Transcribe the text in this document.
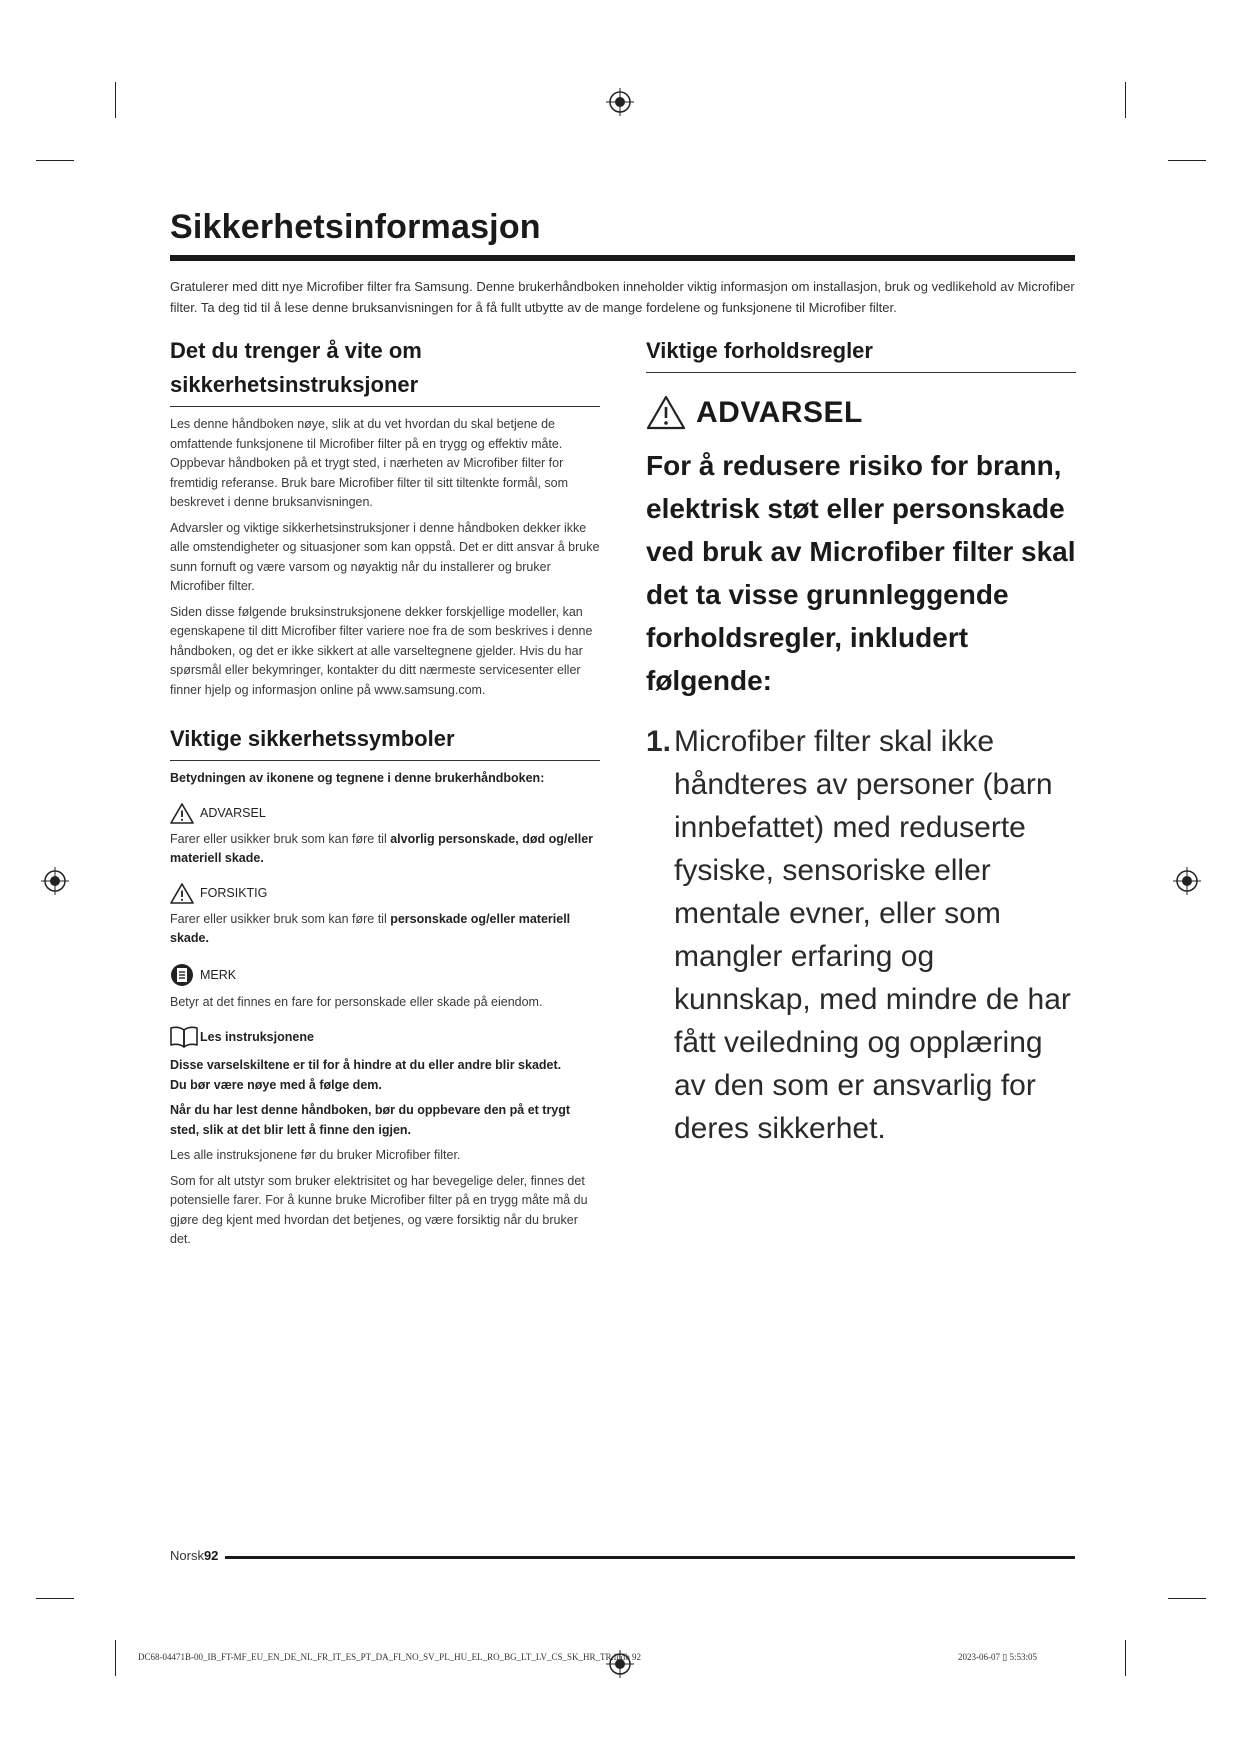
Sikkerhetsinformasjon
Gratulerer med ditt nye Microfiber filter fra Samsung. Denne brukerhåndboken inneholder viktig informasjon om installasjon, bruk og vedlikehold av Microfiber filter. Ta deg tid til å lese denne bruksanvisningen for å få fullt utbytte av de mange fordelene og funksjonene til Microfiber filter.
Det du trenger å vite om sikkerhetsinstruksjoner

Les denne håndboken nøye, slik at du vet hvordan du skal betjene de omfattende funksjonene til Microfiber filter på en trygg og effektiv måte. Oppbevar håndboken på et trygt sted, i nærheten av Microfiber filter for fremtidig referanse. Bruk bare Microfiber filter til sitt tiltenkte formål, som beskrevet i denne bruksanvisningen.

Advarsler og viktige sikkerhetsinstruksjoner i denne håndboken dekker ikke alle omstendigheter og situasjoner som kan oppstå. Det er ditt ansvar å bruke sunn fornuft og være varsom og nøyaktig når du installerer og bruker Microfiber filter.

Siden disse følgende bruksinstruksjonene dekker forskjellige modeller, kan egenskapene til ditt Microfiber filter variere noe fra de som beskrives i denne håndboken, og det er ikke sikkert at alle varseltegnene gjelder. Hvis du har spørsmål eller bekymringer, kontakter du ditt nærmeste servicesenter eller finner hjelp og informasjon online på www.samsung.com.

Viktige sikkerhetssymboler

Betydningen av ikonene og tegnene i denne brukerhåndboken:

ADVARSEL

Farer eller usikker bruk som kan føre til alvorlig personskade, død og/eller materiell skade.

FORSIKTIG

Farer eller usikker bruk som kan føre til personskade og/eller materiell skade.

MERK

Betyr at det finnes en fare for personskade eller skade på eiendom.

Les instruksjonene

Disse varselskiltene er til for å hindre at du eller andre blir skadet.

Du bør være nøye med å følge dem.

Når du har lest denne håndboken, bør du oppbevare den på et trygt sted, slik at det blir lett å finne den igjen.

Les alle instruksjonene før du bruker Microfiber filter.

Som for alt utstyr som bruker elektrisitet og har bevegelige deler, finnes det potensielle farer. For å kunne bruke Microfiber filter på en trygg måte må du gjøre deg kjent med hvordan det betjenes, og være forsiktig når du bruker det.

Viktige forholdsregler
ADVARSEL
For å redusere risiko for brann, elektrisk støt eller personskade ved bruk av Microfiber filter skal det ta visse grunnleggende forholdsregler, inkludert følgende:
1. Microfiber filter skal ikke håndteres av personer (barn innbefattet) med reduserte fysiske, sensoriske eller mentale evner, eller som mangler erfaring og kunnskap, med mindre de har fått veiledning og opplæring av den som er ansvarlig for deres sikkerhet.
Norsk92
DC68-04471B-00_IB_FT-MF_EU_EN_DE_NL_FR_IT_ES_PT_DA_FI_NO_SV_PL_HU_EL_RO_BG_LT_LV_CS_SK_HR_TR.indb 92	2023-06-07 ▯ 5:53:05
